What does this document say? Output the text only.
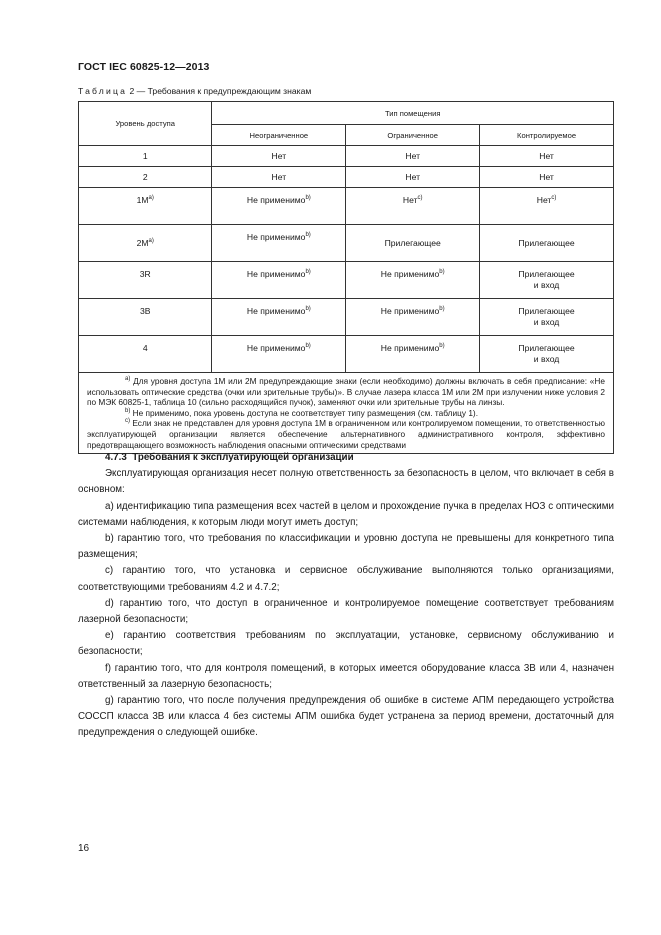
ГОСТ IEC 60825-12—2013
Таблица 2 — Требования к предупреждающим знакам
Уровень доступа	Тип помещения		
	Неограниченное	Ограниченное	Контролируемое
1	Нет	Нет	Нет
2	Нет	Нет	Нет
$1M^{a)}$	Не применимо$^{b)}$	Нет$^{c)}$	Нет$^{c)}$
$2M^{a)}$	Не применимо$^{b)}$	Прилегающее	Прилегающее
3R	Не применимо$^{b)}$	Не применимо$^{b)}$	Прилегающее
и вход
3B	Не применимо$^{b)}$	Не применимо$^{b)}$	Прилегающее
и вход
4	Не применимо$^{b)}$	Не применимо$^{b)}$	Прилегающее
и вход

$^{a)}$ Для уровня доступа 1М или 2М предупреждающие знаки (если необходимо) должны включать в себя предписание: «Не использовать оптические средства (очки или зрительные трубы)». В случае лазера класса 1М или 2М при излучении ниже условия 2 по МЭК 60825-1, таблица 10 (сильно расходящийся пучок), заменяют очки или зрительные трубы на линзы.

$^{b)}$ Не применимо, пока уровень доступа не соответствует типу размещения (см. таблицу 1).

$^{c)}$ Если знак не представлен для уровня доступа 1М в ограниченном или контролируемом помещении, то ответственностью эксплуатирующей организации является обеспечение альтернативного административного контроля, эффективно предотвращающего возможность наблюдения опасными оптическими средствами			

4.7.3 Требования к эксплуатирующей организации

Эксплуатирующая организация несет полную ответственность за безопасность в целом, что включает в себя в основном:

a) идентификацию типа размещения всех частей в целом и прохождение пучка в пределах НОЗ с оптическими системами наблюдения, к которым люди могут иметь доступ;

b) гарантию того, что требования по классификации и уровню доступа не превышены для конкретного типа размещения;

c) гарантию того, что установка и сервисное обслуживание выполняются только организациями, соответствующими требованиям 4.2 и 4.7.2;

d) гарантию того, что доступ в ограниченное и контролируемое помещение соответствует требованиям лазерной безопасности;

e) гарантию соответствия требованиям по эксплуатации, установке, сервисному обслуживанию и безопасности;

f) гарантию того, что для контроля помещений, в которых имеется оборудование класса 3B или 4, назначен ответственный за лазерную безопасность;

g) гарантию того, что после получения предупреждения об ошибке в системе АПМ передающего устройства СОССП класса 3B или класса 4 без системы АПМ ошибка будет устранена за период времени, достаточный для предупреждения о следующей ошибке.

16
